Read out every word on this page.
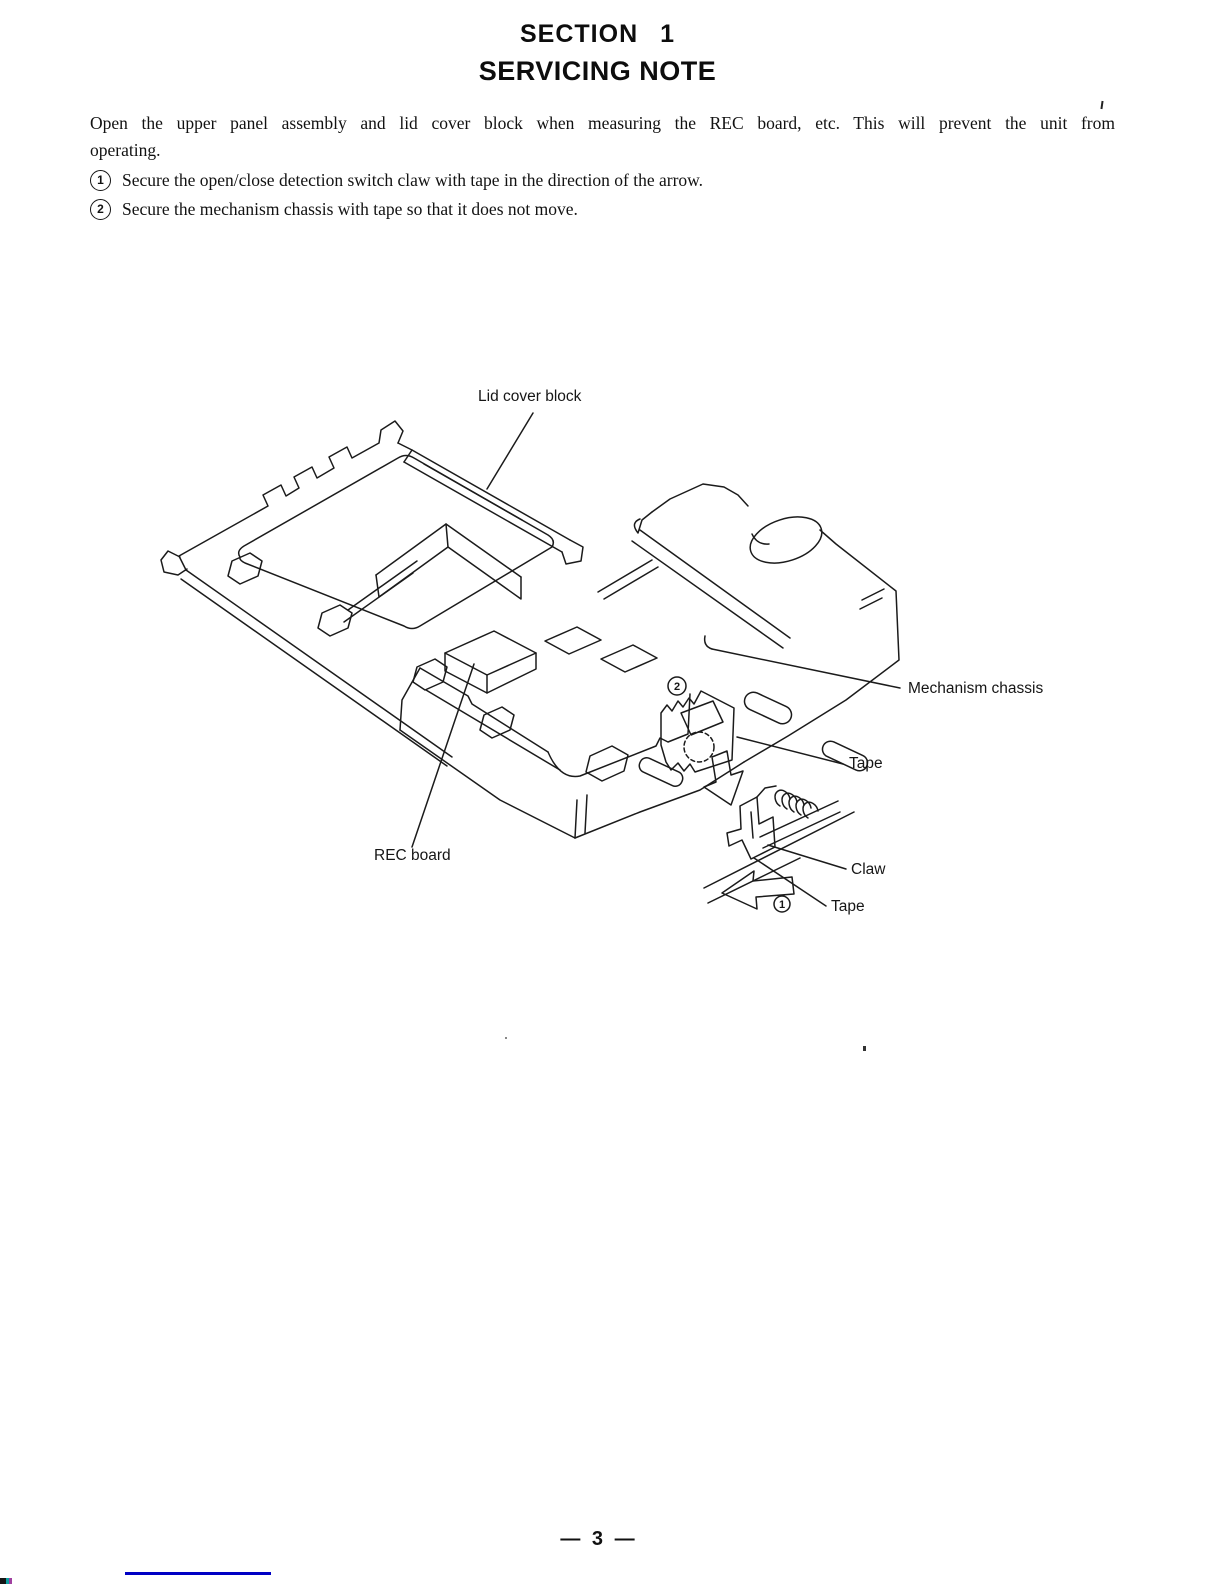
SECTION 1
SERVICING NOTE
Open the upper panel assembly and lid cover block when measuring the REC board, etc. This will prevent the unit from
operating.
1	Secure the open/close detection switch claw with tape in the direction of the arrow.
2	Secure the mechanism chassis with tape so that it does not move.
2
1
Lid cover block
Mechanism chassis
Tape
REC board
Claw
Tape
— 3 —
